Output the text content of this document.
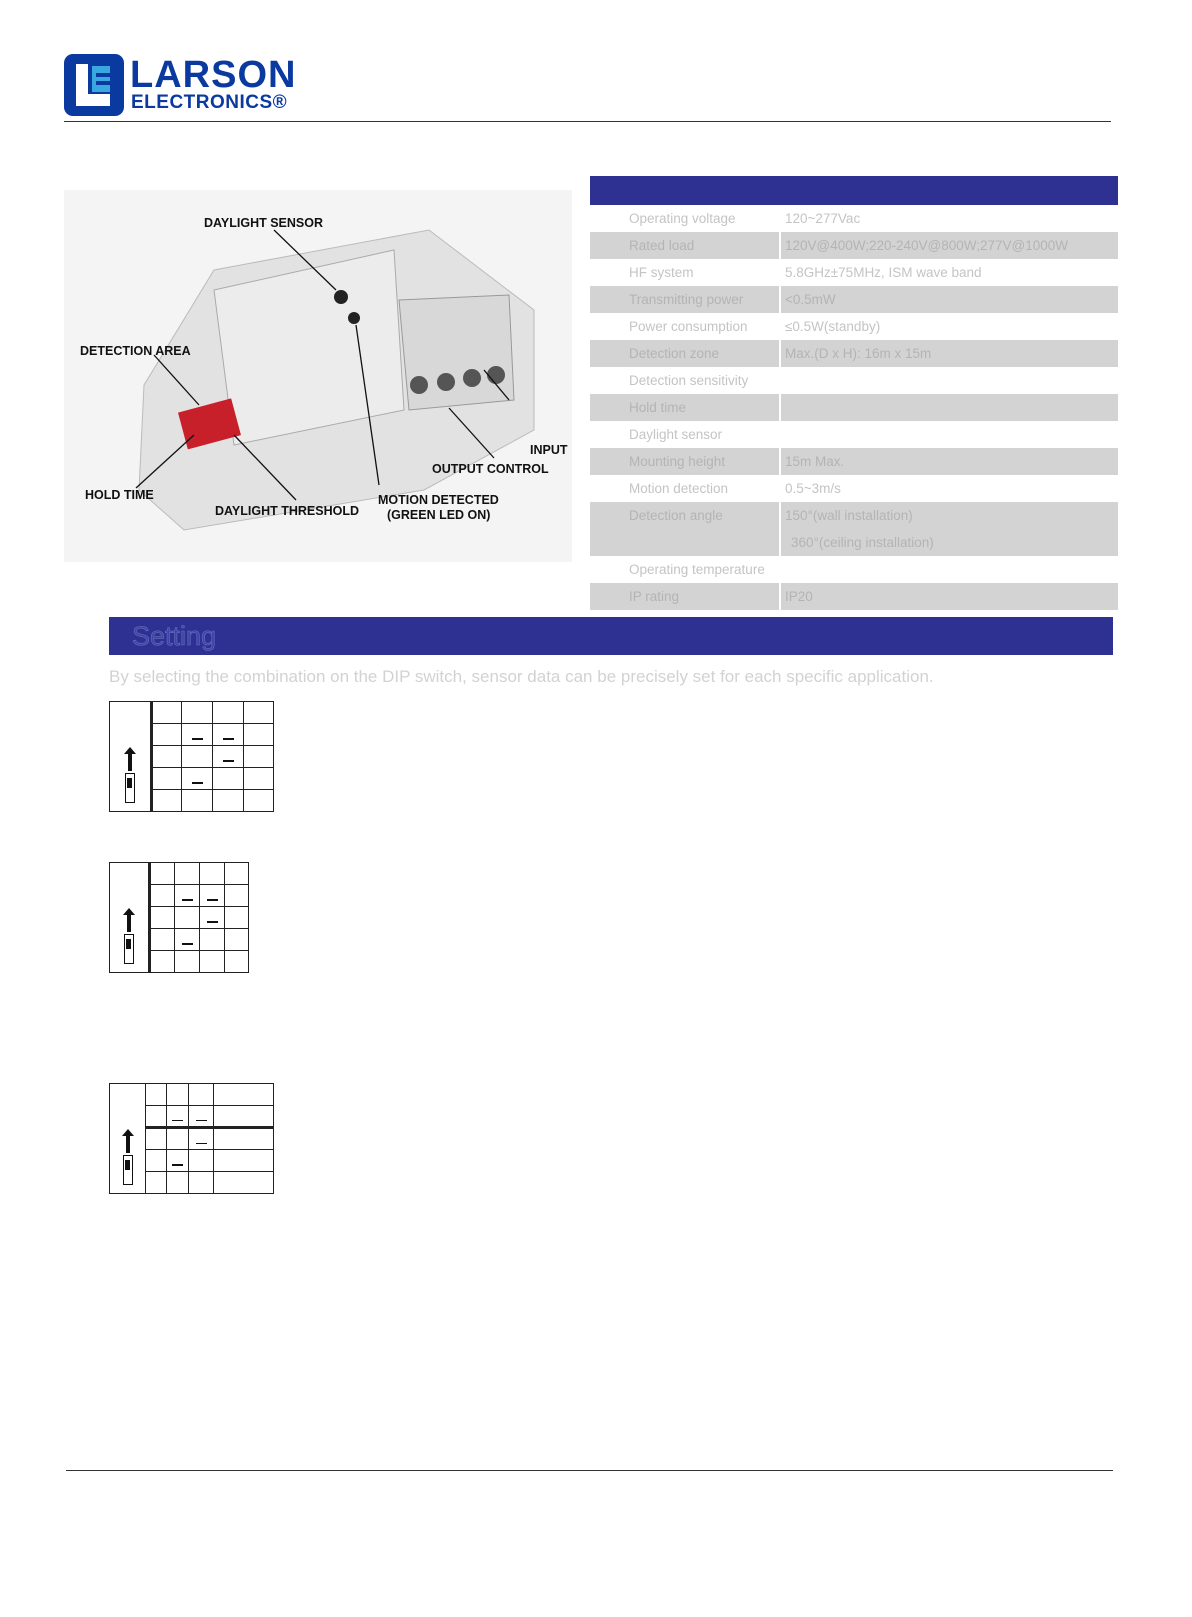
LARSON
ELECTRONICS®
DAYLIGHT SENSOR
DETECTION AREA
INPUT
OUTPUT CONTROL
HOLD TIME
DAYLIGHT THRESHOLD
MOTION DETECTED
(GREEN LED ON)
Operating voltage	120~277Vac
Rated load	120V@400W;220-240V@800W;277V@1000W
HF system	5.8GHz±75MHz, ISM wave band
Transmitting power	<0.5mW
Power consumption	≤0.5W(standby)
Detection zone	Max.(D x H): 16m x 15m
Detection sensitivity
Hold time
Daylight sensor
Mounting height	15m Max.
Motion detection	0.5~3m/s
Detection angle	150°(wall installation)
360°(ceiling installation)
Operating temperature
IP rating	IP20
Setting
By selecting the combination on the DIP switch, sensor data can be precisely set for each specific application.
